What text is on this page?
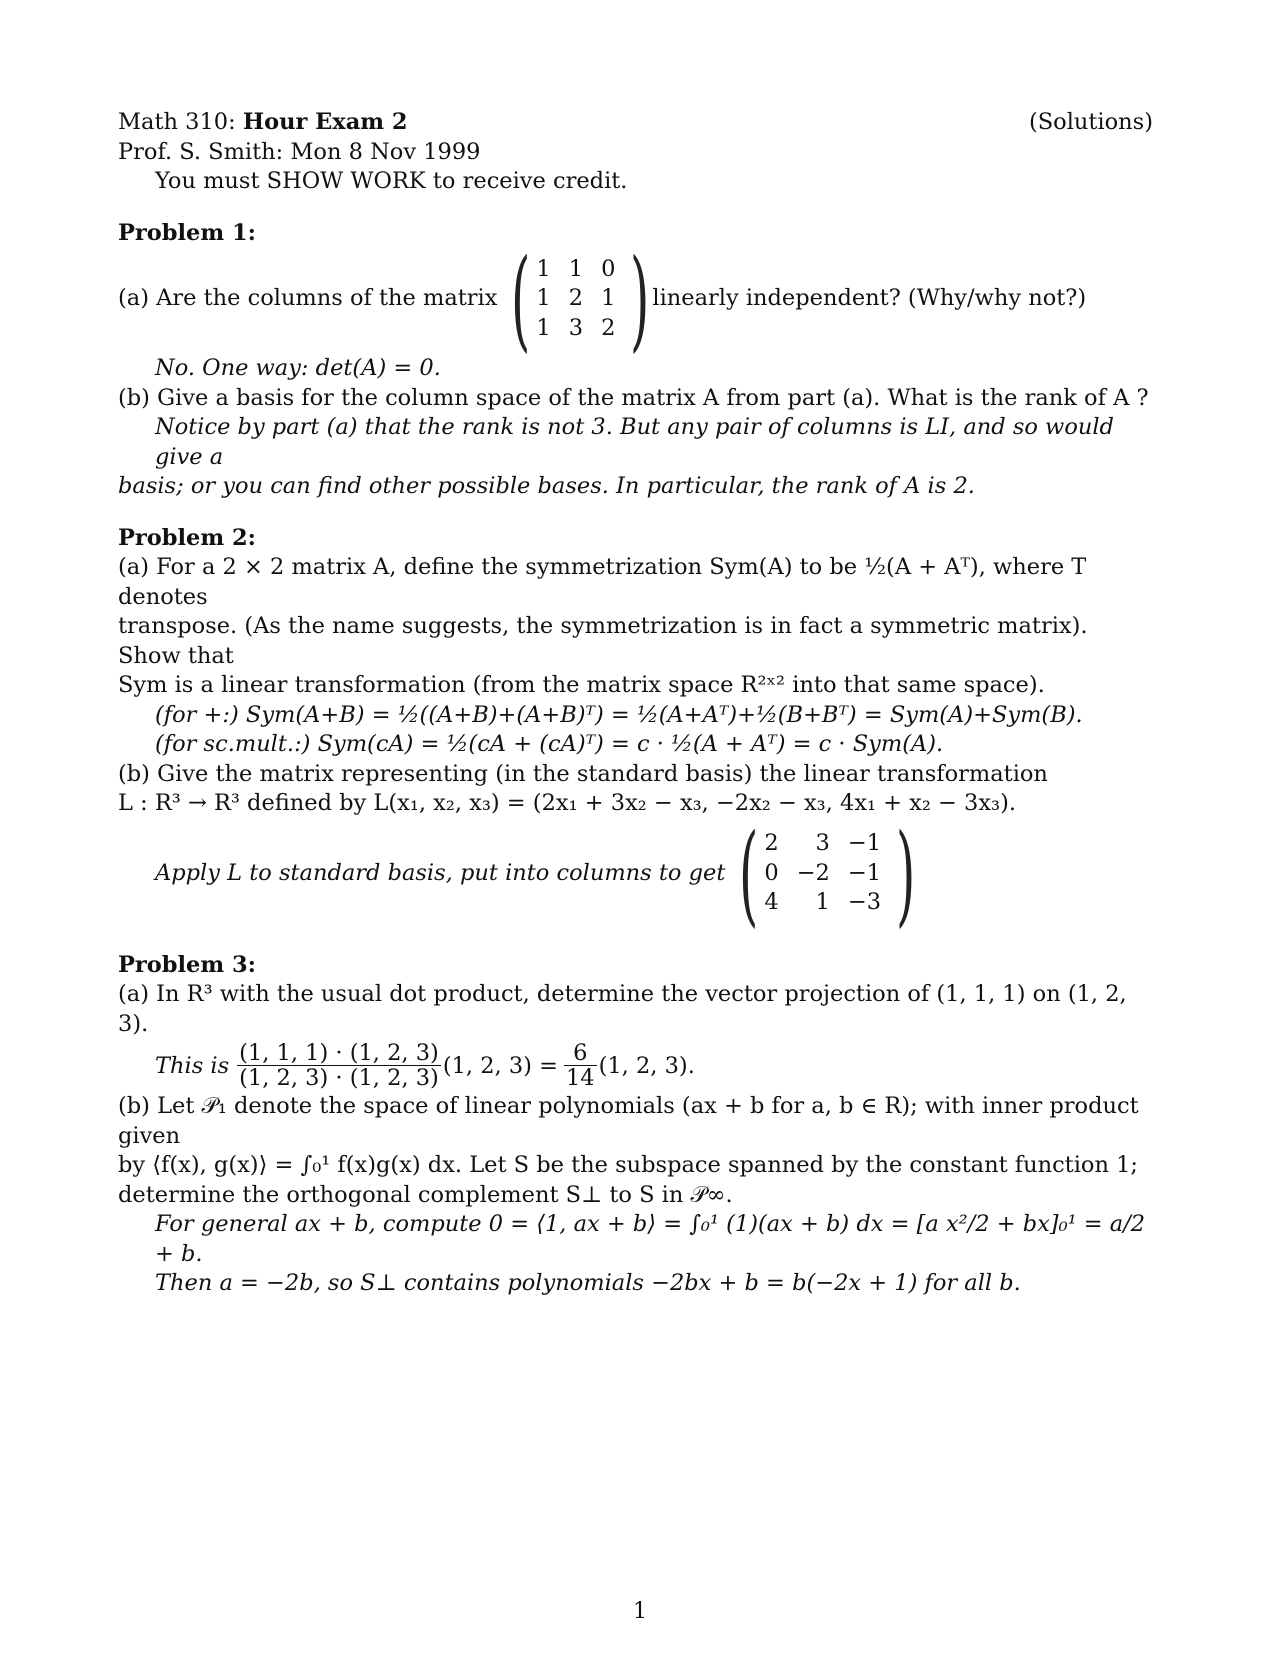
Math 310: Hour Exam 2	(Solutions)
Prof. S. Smith: Mon 8 Nov 1999
You must SHOW WORK to receive credit.
Problem 1:
(a) Are the columns of the matrix ( 1	1	0
1	2	1
1	3	2 ) linearly independent? (Why/why not?)
No. One way: det(A) = 0.
(b) Give a basis for the column space of the matrix A from part (a). What is the rank of A ?
Notice by part (a) that the rank is not 3. But any pair of columns is LI, and so would give a
basis; or you can find other possible bases. In particular, the rank of A is 2.
Problem 2:
(a) For a 2 × 2 matrix A, define the symmetrization Sym(A) to be ½(A + Aᵀ), where T denotes
transpose. (As the name suggests, the symmetrization is in fact a symmetric matrix). Show that
Sym is a linear transformation (from the matrix space R²ˣ² into that same space).
(for +:) Sym(A+B) = ½((A+B)+(A+B)ᵀ) = ½(A+Aᵀ)+½(B+Bᵀ) = Sym(A)+Sym(B).
(for sc.mult.:) Sym(cA) = ½(cA + (cA)ᵀ) = c · ½(A + Aᵀ) = c · Sym(A).
(b) Give the matrix representing (in the standard basis) the linear transformation
L : R³ → R³ defined by L(x₁, x₂, x₃) = (2x₁ + 3x₂ − x₃, −2x₂ − x₃, 4x₁ + x₂ − 3x₃).
Apply L to standard basis, put into columns to get ( 2	3	−1
0	−2	−1
4	1	−3 )
Problem 3:
(a) In R³ with the usual dot product, determine the vector projection of (1, 1, 1) on (1, 2, 3).
This is $\frac{(1, 1, 1) \cdot (1, 2, 3)}{(1, 2, 3) \cdot (1, 2, 3)} (1$, 2, $3) = \frac{6}{14} (1$, 2, 3).
(b) Let 𝒫₁ denote the space of linear polynomials (ax + b for a, b ∈ R); with inner product given
by ⟨f(x), g(x)⟩ = ∫₀¹ f(x)g(x) dx. Let S be the subspace spanned by the constant function 1;
determine the orthogonal complement S⊥ to S in 𝒫∞.
For general ax + b, compute 0 = ⟨1, ax + b⟩ = ∫₀¹ (1)(ax + b) dx = [a x²/2 + bx]₀¹ = a/2 + b.
Then a = −2b, so S⊥ contains polynomials −2bx + b = b(−2x + 1) for all b.
1
